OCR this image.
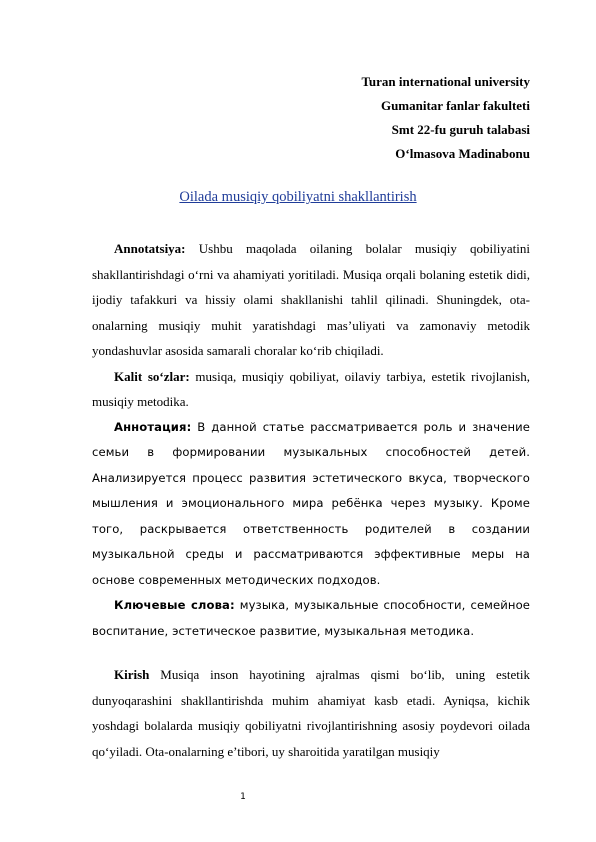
Turan international university
Gumanitar fanlar fakulteti
Smt 22-fu guruh talabasi
O‘lmasova Madinabonu
Oilada musiqiy qobiliyatni shakllantirish

Annotatsiya: Ushbu maqolada oilaning bolalar musiqiy qobiliyatini shakllantirishdagi o‘rni va ahamiyati yoritiladi. Musiqa orqali bolaning estetik didi, ijodiy tafakkuri va hissiy olami shakllanishi tahlil qilinadi. Shuningdek, ota-onalarning musiqiy muhit yaratishdagi mas’uliyati va zamonaviy metodik yondashuvlar asosida samarali choralar ko‘rib chiqiladi.

Kalit so‘zlar: musiqa, musiqiy qobiliyat, oilaviy tarbiya, estetik rivojlanish, musiqiy metodika.

Аннотация: В данной статье рассматривается роль и значение семьи в формировании музыкальных способностей детей. Анализируется процесс развития эстетического вкуса, творческого мышления и эмоционального мира ребёнка через музыку. Кроме того, раскрывается ответственность родителей в создании музыкальной среды и рассматриваются эффективные меры на основе современных методических подходов.

Ключевые слова: музыка, музыкальные способности, семейное воспитание, эстетическое развитие, музыкальная методика.

Kirish Musiqa inson hayotining ajralmas qismi bo‘lib, uning estetik dunyoqarashini shakllantirishda muhim ahamiyat kasb etadi. Ayniqsa, kichik yoshdagi bolalarda musiqiy qobiliyatni rivojlantirishning asosiy poydevori oilada qo‘yiladi. Ota-onalarning e’tibori, uy sharoitida yaratilgan musiqiy

1
